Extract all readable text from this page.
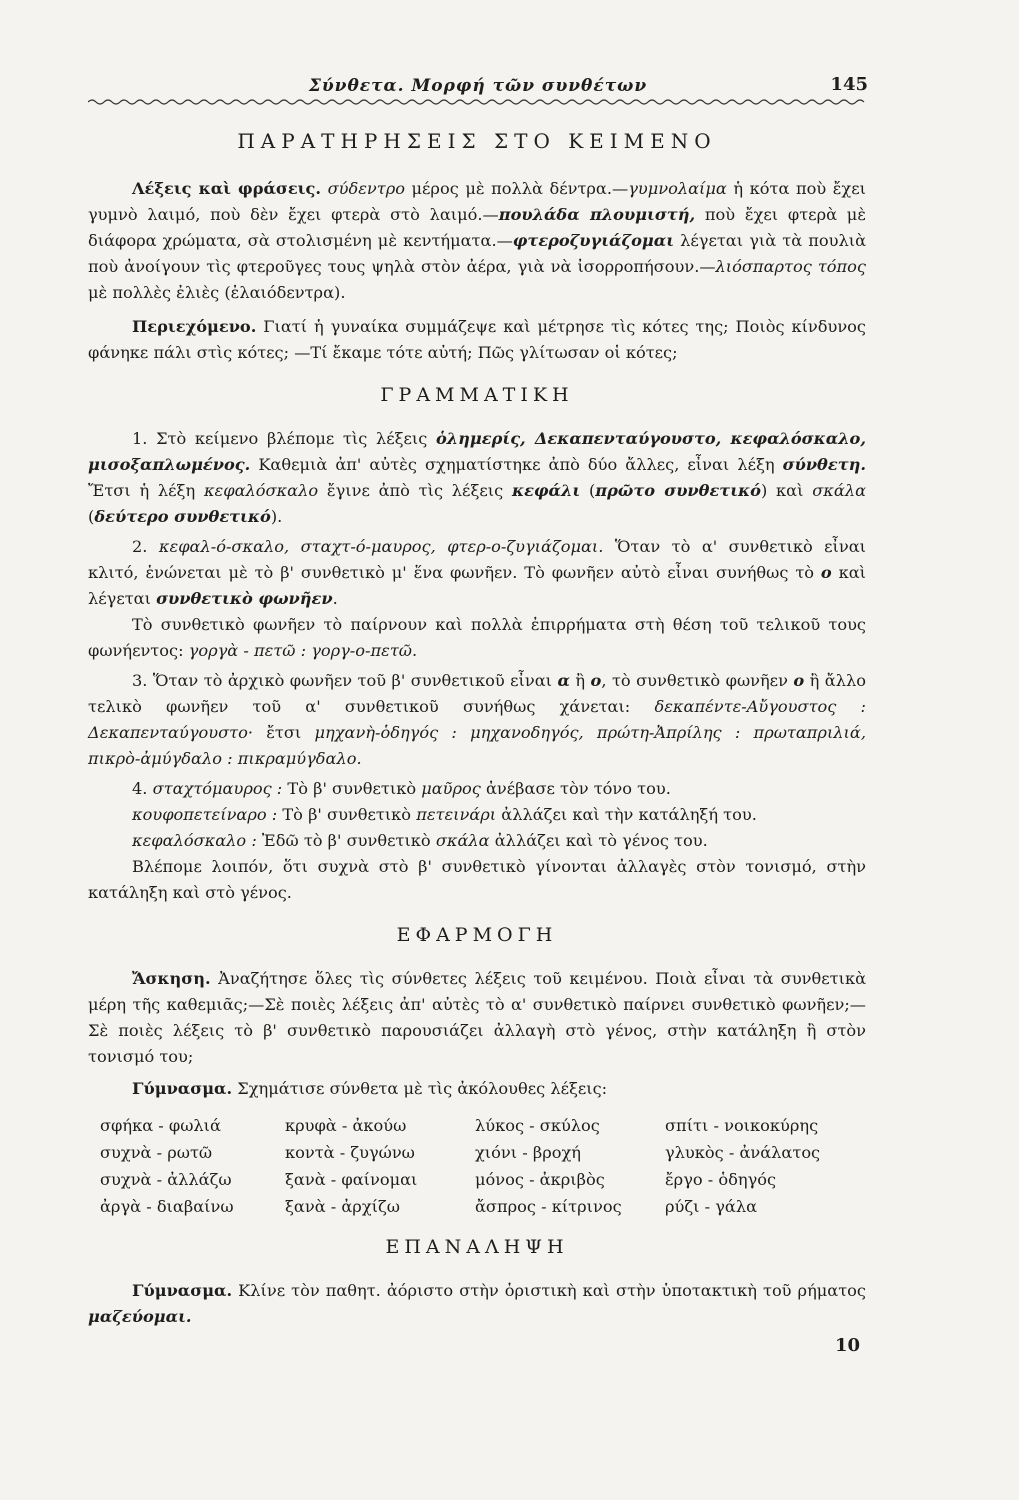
Σύνθετα. Μορφή τῶν συνθέτων	145
ΠΑΡΑΤΗΡΗΣΕΙΣ ΣΤΟ ΚΕΙΜΕΝΟ

Λέξεις καὶ φράσεις. σύδεντρο μέρος μὲ πολλὰ δέντρα.—γυμνολαίμα ἡ κότα ποὺ ἔχει γυμνὸ λαιμό, ποὺ δὲν ἔχει φτερὰ στὸ λαιμό.—πουλάδα πλουμιστή, ποὺ ἔχει φτερὰ μὲ διάφορα χρώματα, σὰ στολισμένη μὲ κεντήματα.—φτεροζυγιάζομαι λέγεται γιὰ τὰ πουλιὰ ποὺ ἀνοίγουν τὶς φτεροῦγες τους ψηλὰ στὸν ἀέρα, γιὰ νὰ ἰσορροπήσουν.—λιόσπαρτος τόπος μὲ πολλὲς ἐλιὲς (ἐλαιόδεντρα).

Περιεχόμενο. Γιατί ἡ γυναίκα συμμάζεψε καὶ μέτρησε τὶς κότες της; Ποιὸς κίνδυνος φάνηκε πάλι στὶς κότες; —Τί ἔκαμε τότε αὐτή; Πῶς γλίτωσαν οἱ κότες;

ΓΡΑΜΜΑΤΙΚΗ

1. Στὸ κείμενο βλέπομε τὶς λέξεις ὁλημερίς, Δεκαπενταύγουστο, κεφαλόσκαλο, μισοξαπλωμένος. Καθεμιὰ ἀπ' αὐτὲς σχηματίστηκε ἀπὸ δύο ἄλλες, εἶναι λέξη σύνθετη. Ἔτσι ἡ λέξη κεφαλόσκαλο ἔγινε ἀπὸ τὶς λέξεις κεφάλι (πρῶτο συνθετικό) καὶ σκάλα (δεύτερο συνθετικό).

2. κεφαλ-ό-σκαλο, σταχτ-ό-μαυρος, φτερ-ο-ζυγιάζομαι. Ὅταν τὸ α' συνθετικὸ εἶναι κλιτό, ἑνώνεται μὲ τὸ β' συνθετικὸ μ' ἕνα φωνῆεν. Τὸ φωνῆεν αὐτὸ εἶναι συνήθως τὸ ο καὶ λέγεται συνθετικὸ φωνῆεν.

Τὸ συνθετικὸ φωνῆεν τὸ παίρνουν καὶ πολλὰ ἐπιρρήματα στὴ θέση τοῦ τελικοῦ τους φωνήεντος: γοργὰ - πετῶ : γοργ-ο-πετῶ.

3. Ὅταν τὸ ἀρχικὸ φωνῆεν τοῦ β' συνθετικοῦ εἶναι α ἢ ο, τὸ συνθετικὸ φωνῆεν ο ἢ ἄλλο τελικὸ φωνῆεν τοῦ α' συνθετικοῦ συνήθως χάνεται: δεκαπέντε-Αὔγουστος : Δεκαπενταύγουστο· ἔτσι μηχανὴ-ὁδηγός : μηχανοδηγός, πρώτη-Ἀπρίλης : πρωταπριλιά, πικρὸ-ἀμύγδαλο : πικραμύγδαλο.

4. σταχτόμαυρος : Τὸ β' συνθετικὸ μαῦρος ἀνέβασε τὸν τόνο του.

κουφοπετείναρο : Τὸ β' συνθετικὸ πετεινάρι ἀλλάζει καὶ τὴν κατάληξή του.

κεφαλόσκαλο : Ἐδῶ τὸ β' συνθετικὸ σκάλα ἀλλάζει καὶ τὸ γένος του.

Βλέπομε λοιπόν, ὅτι συχνὰ στὸ β' συνθετικὸ γίνονται ἀλλαγὲς στὸν τονισμό, στὴν κατάληξη καὶ στὸ γένος.

ΕΦΑΡΜΟΓΗ

Ἄσκηση. Ἀναζήτησε ὅλες τὶς σύνθετες λέξεις τοῦ κειμένου. Ποιὰ εἶναι τὰ συνθετικὰ μέρη τῆς καθεμιᾶς;—Σὲ ποιὲς λέξεις ἀπ' αὐτὲς τὸ α' συνθετικὸ παίρνει συνθετικὸ φωνῆεν;—Σὲ ποιὲς λέξεις τὸ β' συνθετικὸ παρουσιάζει ἀλλαγὴ στὸ γένος, στὴν κατάληξη ἢ στὸν τονισμό του;

Γύμνασμα. Σχημάτισε σύνθετα μὲ τὶς ἀκόλουθες λέξεις:

σφήκα - φωλιά	κρυφὰ - ἀκούω	λύκος - σκύλος	σπίτι - νοικοκύρης
συχνὰ - ρωτῶ	κοντὰ - ζυγώνω	χιόνι - βροχή	γλυκὸς - ἀνάλατος
συχνὰ - ἀλλάζω	ξανὰ - φαίνομαι	μόνος - ἀκριβὸς	ἔργο - ὁδηγός
ἀργὰ - διαβαίνω	ξανὰ - ἀρχίζω	ἄσπρος - κίτρινος	ρύζι - γάλα
ΕΠΑΝΑΛΗΨΗ

Γύμνασμα. Κλίνε τὸν παθητ. ἀόριστο στὴν ὁριστικὴ καὶ στὴν ὑποτακτικὴ τοῦ ρήματος μαζεύομαι.

10
